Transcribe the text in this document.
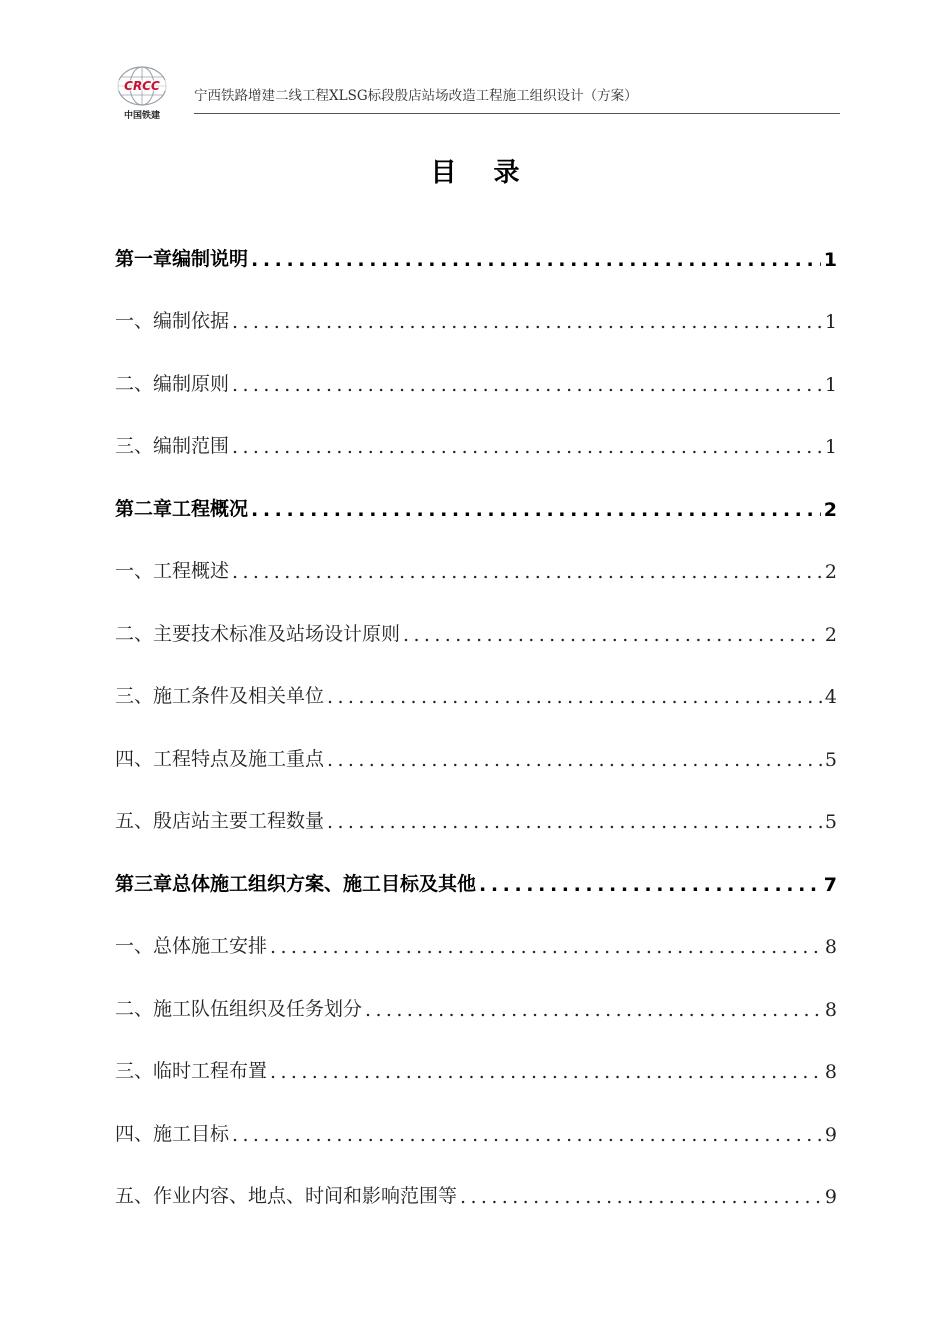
CRCC
中国铁建
宁西铁路增建二线工程XLSG标段殷店站场改造工程施工组织设计（方案）
目 录
第一章 编制说明 .....	1
一、编制依据 .....	1
二、编制原则 .....	1
三、编制范围 .....	1
第二章 工程概况 .....	2
一、工程概述 .....	2
二、主要技术标准及站场设计原则 .....	2
三、施工条件及相关单位 .....	4
四、工程特点及施工重点 .....	5
五、殷店站主要工程数量 .....	5
第三章 总体施工组织方案、施工目标及其他 .....	7
一、总体施工安排 .....	8
二、施工队伍组织及任务划分 .....	8
三、临时工程布置 .....	8
四、施工目标 .....	9
五、作业内容、地点、时间和影响范围等 .....	9
